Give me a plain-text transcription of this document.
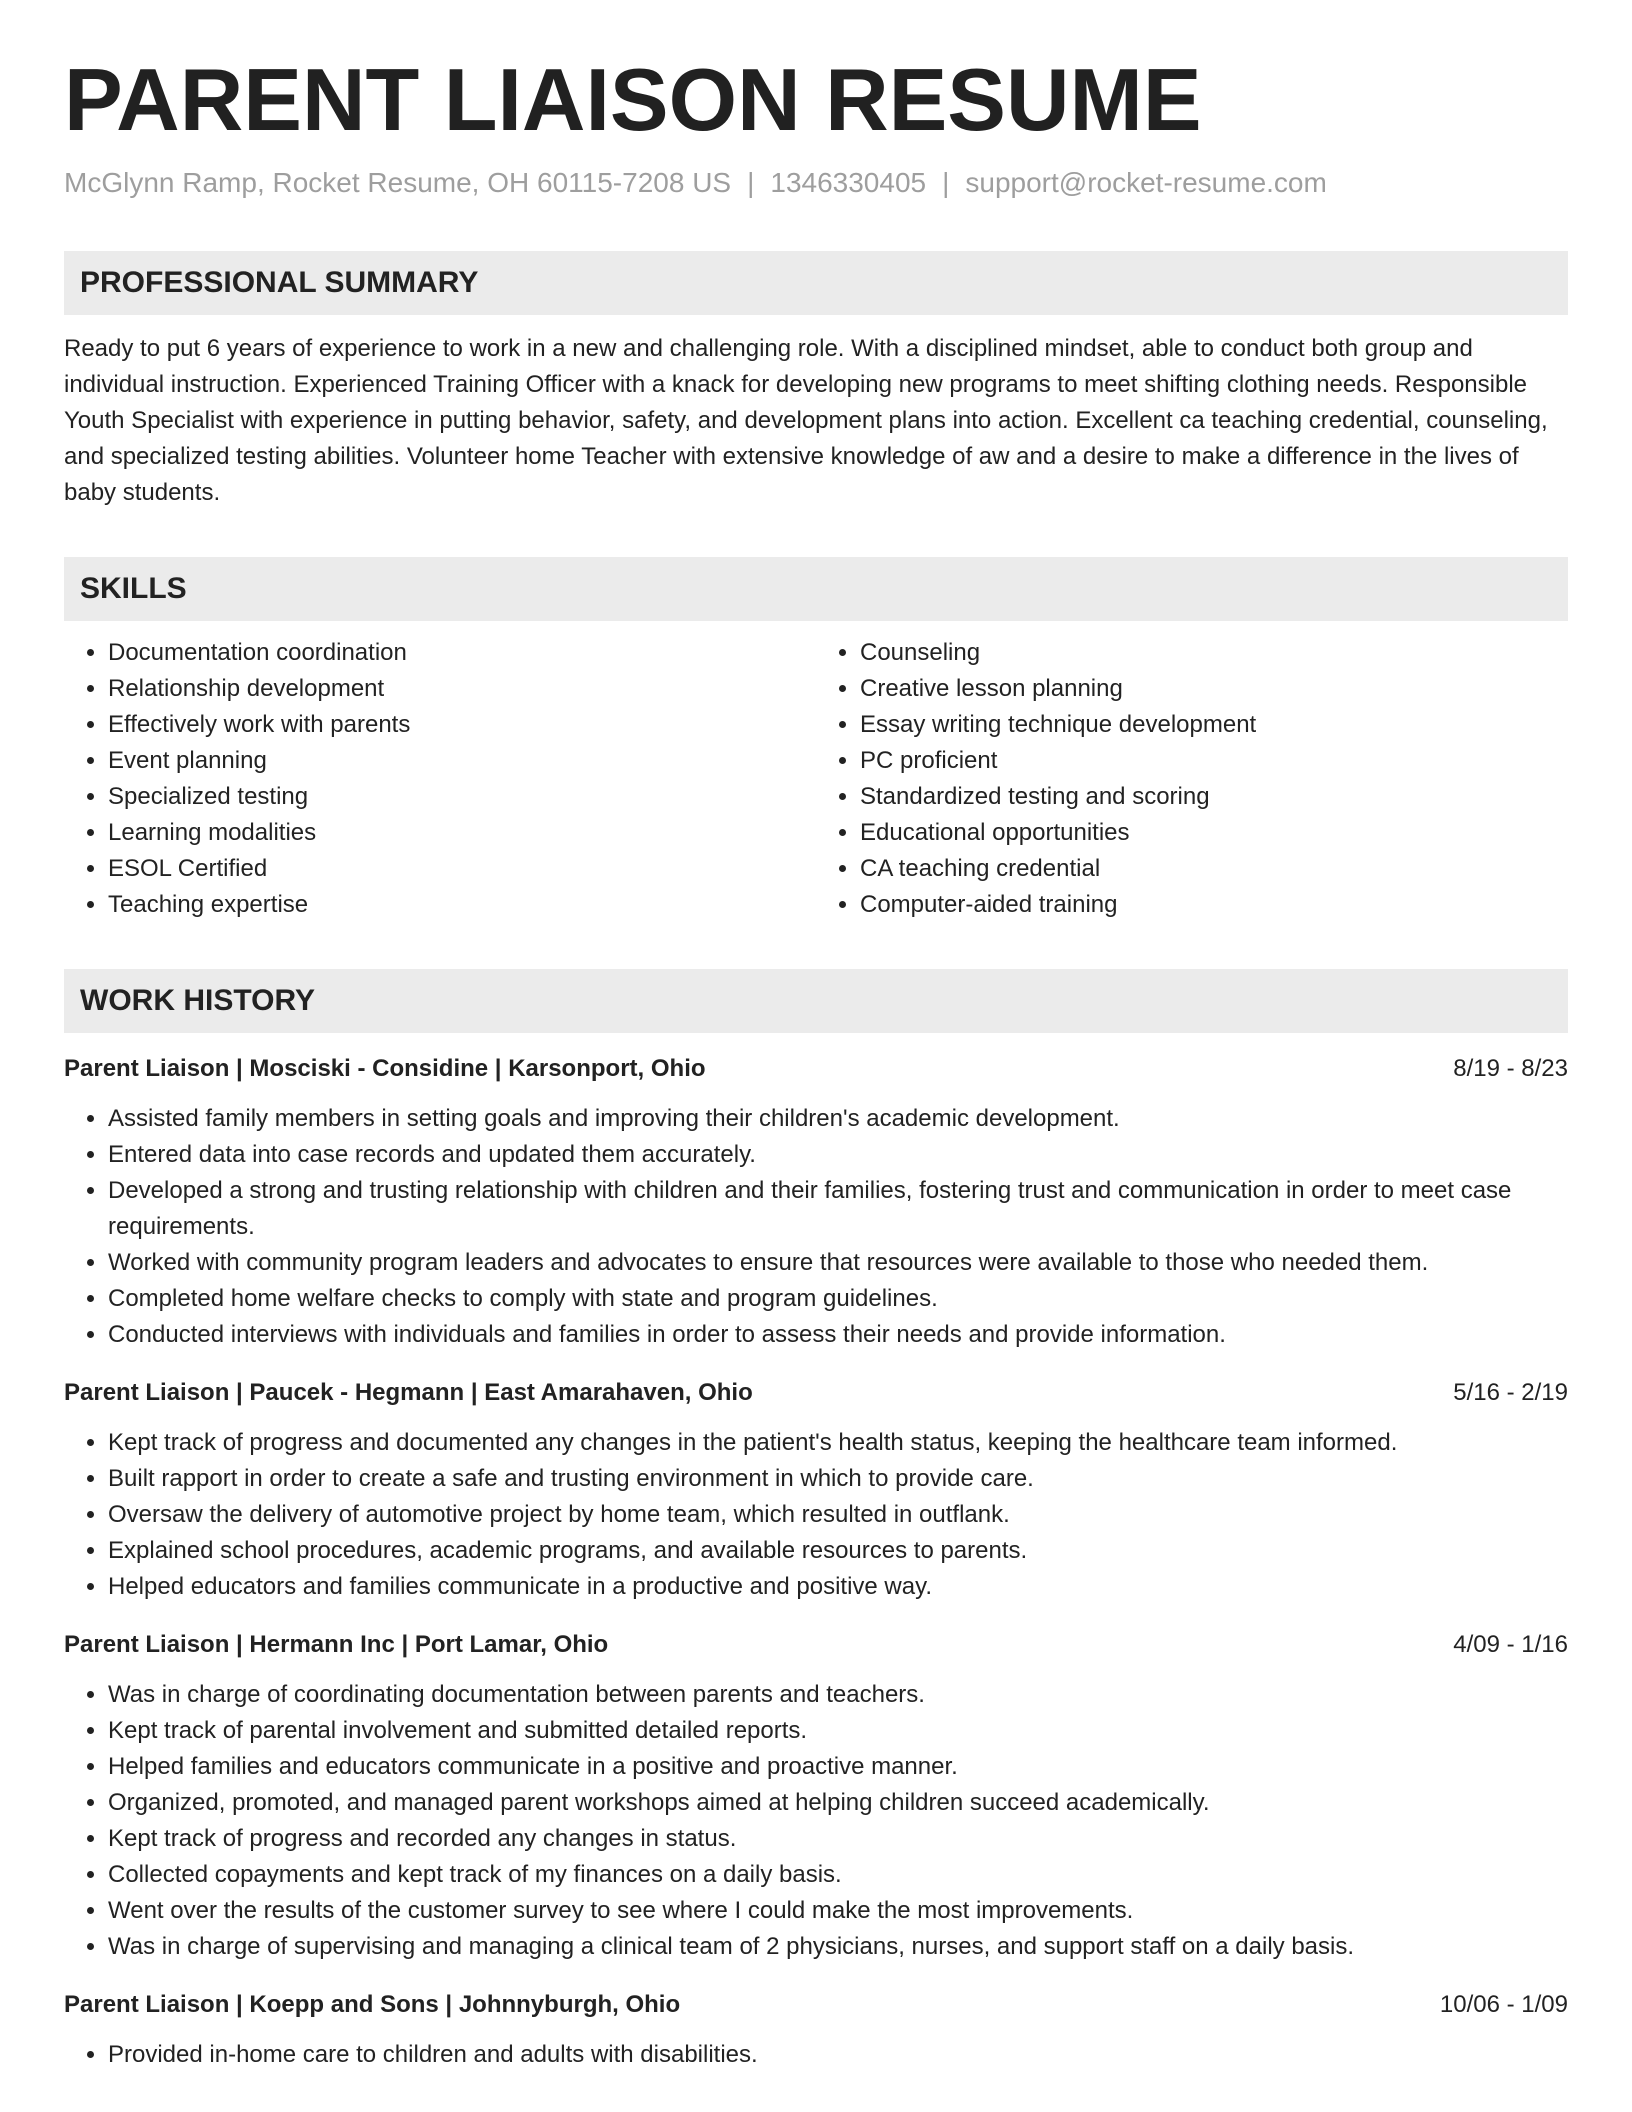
PARENT LIAISON RESUME
McGlynn Ramp, Rocket Resume, OH 60115-7208 US | 1346330405 | support@rocket-resume.com
PROFESSIONAL SUMMARY
Ready to put 6 years of experience to work in a new and challenging role. With a disciplined mindset, able to conduct both group and individual instruction. Experienced Training Officer with a knack for developing new programs to meet shifting clothing needs. Responsible Youth Specialist with experience in putting behavior, safety, and development plans into action. Excellent ca teaching credential, counseling, and specialized testing abilities. Volunteer home Teacher with extensive knowledge of aw and a desire to make a difference in the lives of baby students.
SKILLS
• Documentation coordination
• Relationship development
• Effectively work with parents
• Event planning
• Specialized testing
• Learning modalities
• ESOL Certified
• Teaching expertise
• Counseling
• Creative lesson planning
• Essay writing technique development
• PC proficient
• Standardized testing and scoring
• Educational opportunities
• CA teaching credential
• Computer-aided training
WORK HISTORY
Parent Liaison | Mosciski - Considine | Karsonport, Ohio	8/19 - 8/23
• Assisted family members in setting goals and improving their children's academic development.
• Entered data into case records and updated them accurately.
• Developed a strong and trusting relationship with children and their families, fostering trust and communication in order to meet case requirements.
• Worked with community program leaders and advocates to ensure that resources were available to those who needed them.
• Completed home welfare checks to comply with state and program guidelines.
• Conducted interviews with individuals and families in order to assess their needs and provide information.
Parent Liaison | Paucek - Hegmann | East Amarahaven, Ohio	5/16 - 2/19
• Kept track of progress and documented any changes in the patient's health status, keeping the healthcare team informed.
• Built rapport in order to create a safe and trusting environment in which to provide care.
• Oversaw the delivery of automotive project by home team, which resulted in outflank.
• Explained school procedures, academic programs, and available resources to parents.
• Helped educators and families communicate in a productive and positive way.
Parent Liaison | Hermann Inc | Port Lamar, Ohio	4/09 - 1/16
• Was in charge of coordinating documentation between parents and teachers.
• Kept track of parental involvement and submitted detailed reports.
• Helped families and educators communicate in a positive and proactive manner.
• Organized, promoted, and managed parent workshops aimed at helping children succeed academically.
• Kept track of progress and recorded any changes in status.
• Collected copayments and kept track of my finances on a daily basis.
• Went over the results of the customer survey to see where I could make the most improvements.
• Was in charge of supervising and managing a clinical team of 2 physicians, nurses, and support staff on a daily basis.
Parent Liaison | Koepp and Sons | Johnnyburgh, Ohio	10/06 - 1/09
• Provided in-home care to children and adults with disabilities.
